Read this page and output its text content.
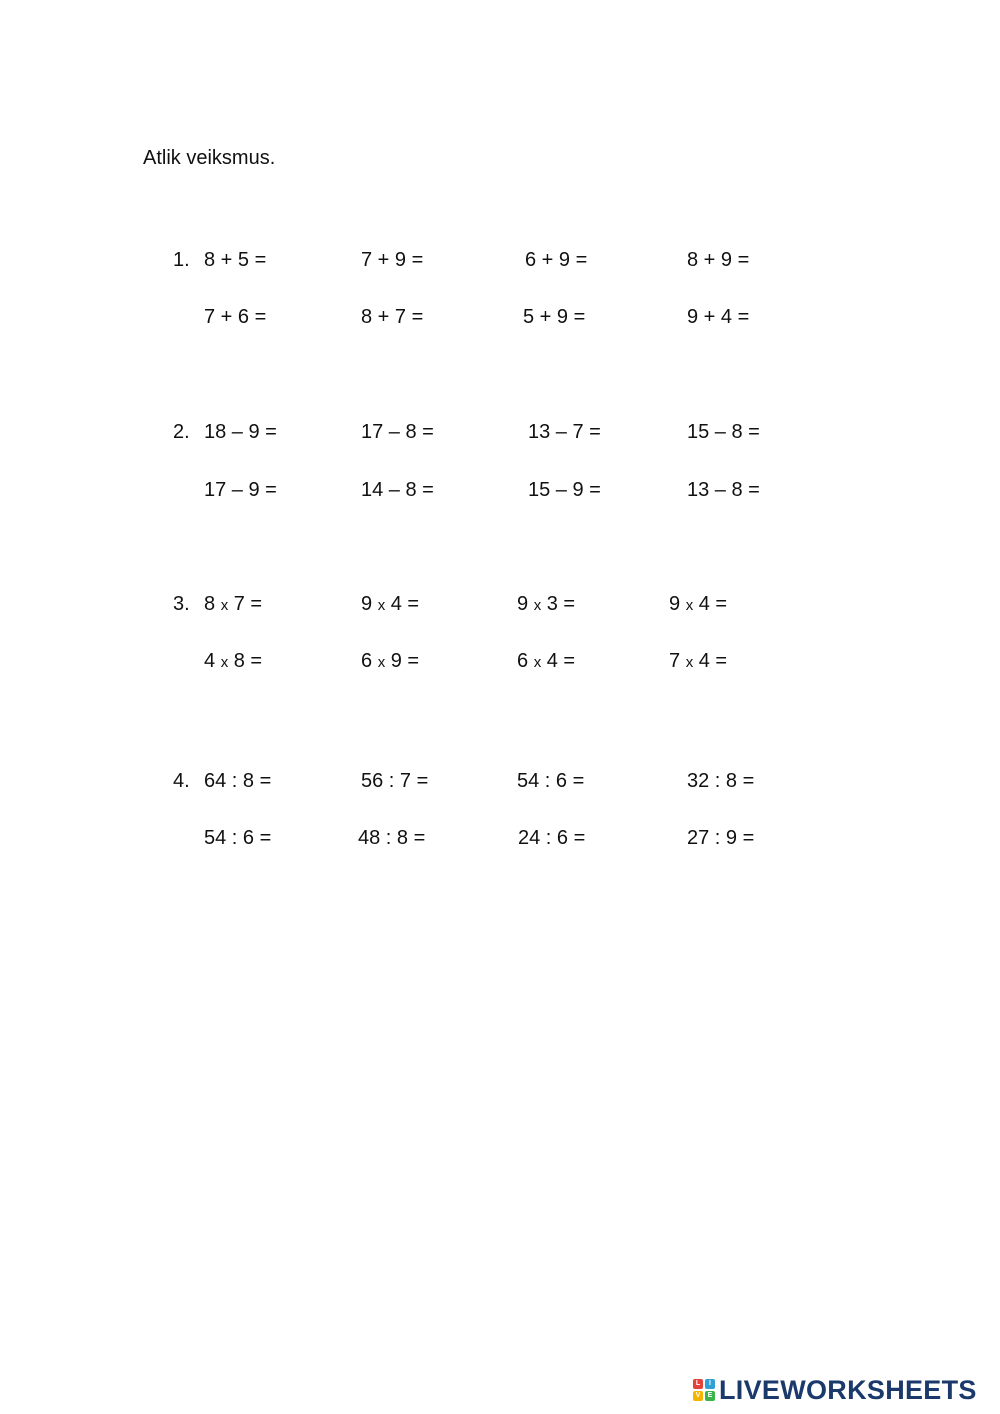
Atlik veiksmus.
1. 8 + 5 =	7 + 9 =	6 + 9 =	8 + 9 =
7 + 6 =	8 + 7 =	5 + 9 =	9 + 4 =
2. 18 – 9 =	17 – 8 =	13 – 7 =	15 – 8 =
17 – 9 =	14 – 8 =	15 – 9 =	13 – 8 =
3. 8 x 7 =	9 x 4 =	9 x 3 =	9 x 4 =
4 x 8 =	6 x 9 =	6 x 4 =	7 x 4 =
4. 64 : 8 =	56 : 7 =	54 : 6 =	32 : 8 =
54 : 6 =	48 : 8 =	24 : 6 =	27 : 9 =
L	I
V	E LIVEWORKSHEETS
